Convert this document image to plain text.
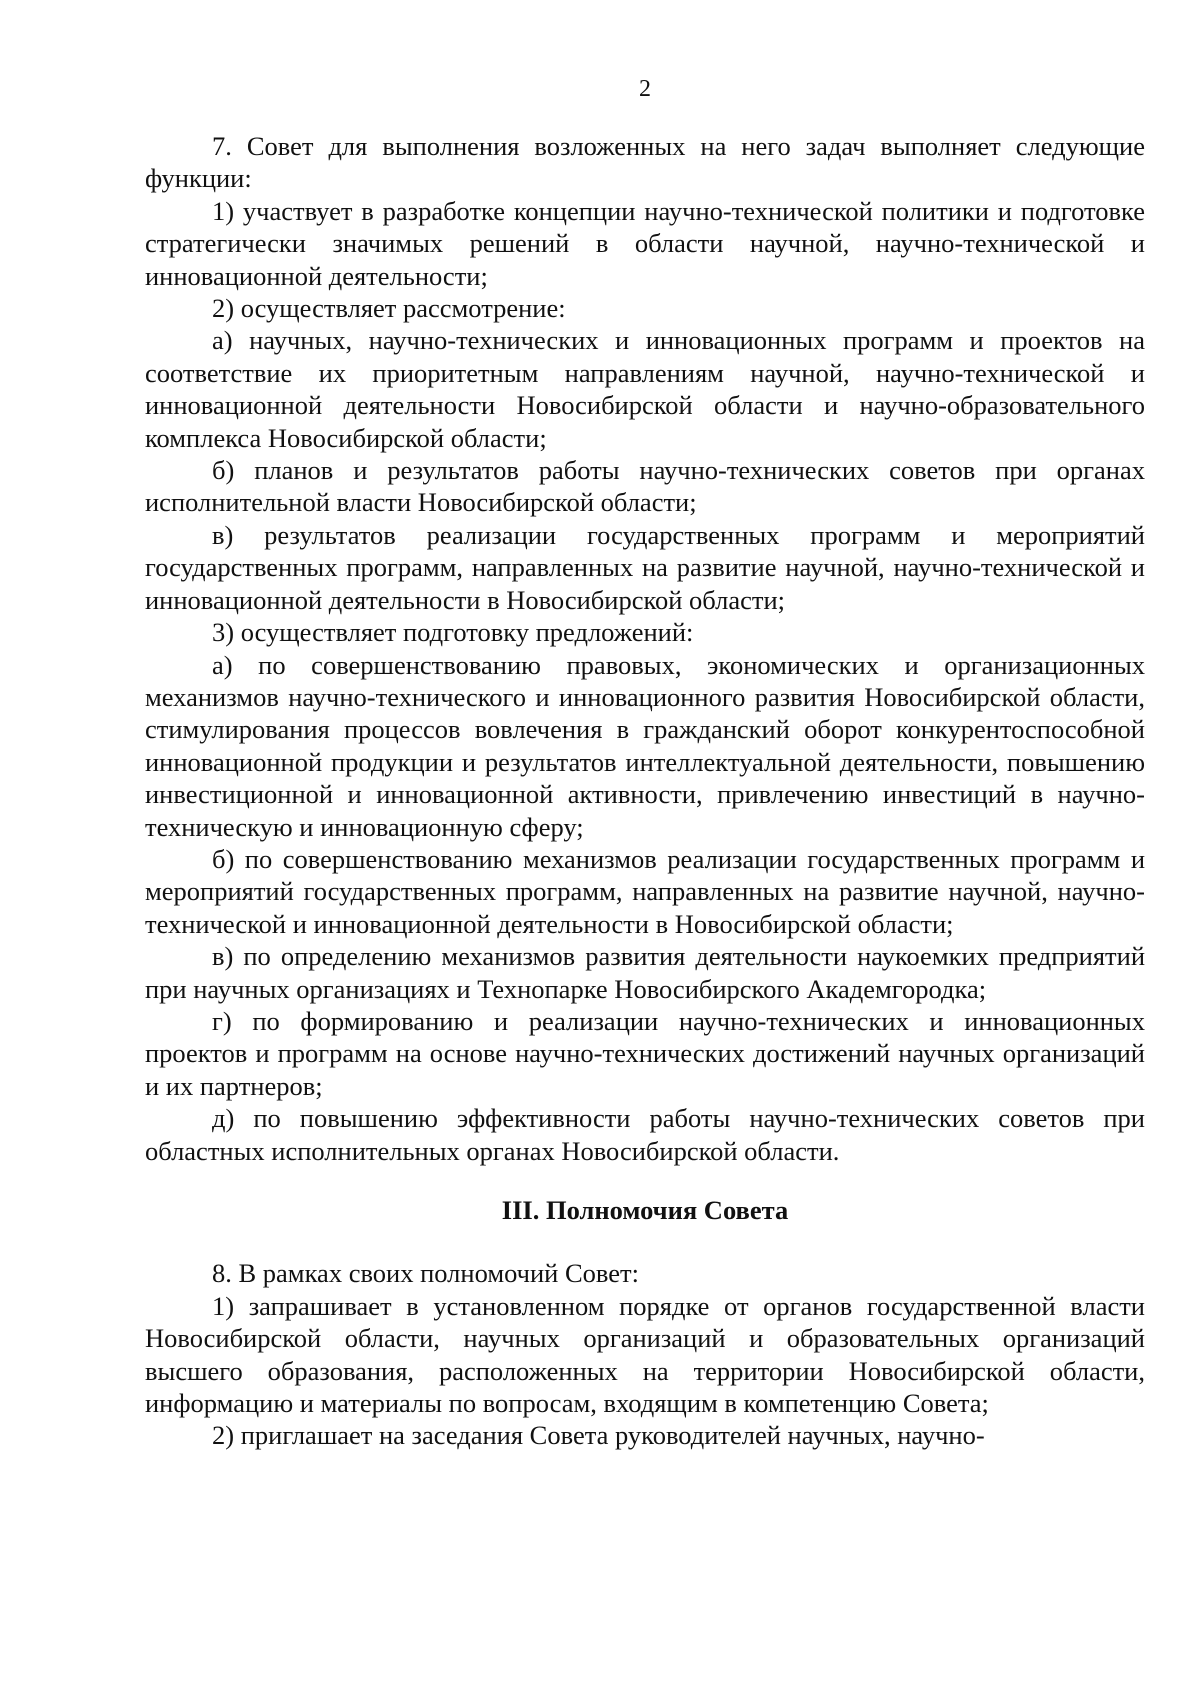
2

7. Совет для выполнения возложенных на него задач выполняет следующие функции:

1) участвует в разработке концепции научно-технической политики и подготовке стратегически значимых решений в области научной, научно-технической и инновационной деятельности;

2) осуществляет рассмотрение:

а) научных, научно-технических и инновационных программ и проектов на соответствие их приоритетным направлениям научной, научно-технической и инновационной деятельности Новосибирской области и научно-образовательного комплекса Новосибирской области;

б) планов и результатов работы научно-технических советов при органах исполнительной власти Новосибирской области;

в) результатов реализации государственных программ и мероприятий государственных программ, направленных на развитие научной, научно-технической и инновационной деятельности в Новосибирской области;

3) осуществляет подготовку предложений:

а) по совершенствованию правовых, экономических и организационных механизмов научно-технического и инновационного развития Новосибирской области, стимулирования процессов вовлечения в гражданский оборот конкурентоспособной инновационной продукции и результатов интеллектуальной деятельности, повышению инвестиционной и инновационной активности, привлечению инвестиций в научно-техническую и инновационную сферу;

б) по совершенствованию механизмов реализации государственных программ и мероприятий государственных программ, направленных на развитие научной, научно-технической и инновационной деятельности в Новосибирской области;

в) по определению механизмов развития деятельности наукоемких предприятий при научных организациях и Технопарке Новосибирского Академгородка;

г) по формированию и реализации научно-технических и инновационных проектов и программ на основе научно-технических достижений научных организаций и их партнеров;

д) по повышению эффективности работы научно-технических советов при областных исполнительных органах Новосибирской области.

III. Полномочия Совета

8. В рамках своих полномочий Совет:

1) запрашивает в установленном порядке от органов государственной власти Новосибирской области, научных организаций и образовательных организаций высшего образования, расположенных на территории Новосибирской области, информацию и материалы по вопросам, входящим в компетенцию Совета;

2) приглашает на заседания Совета руководителей научных, научно-
